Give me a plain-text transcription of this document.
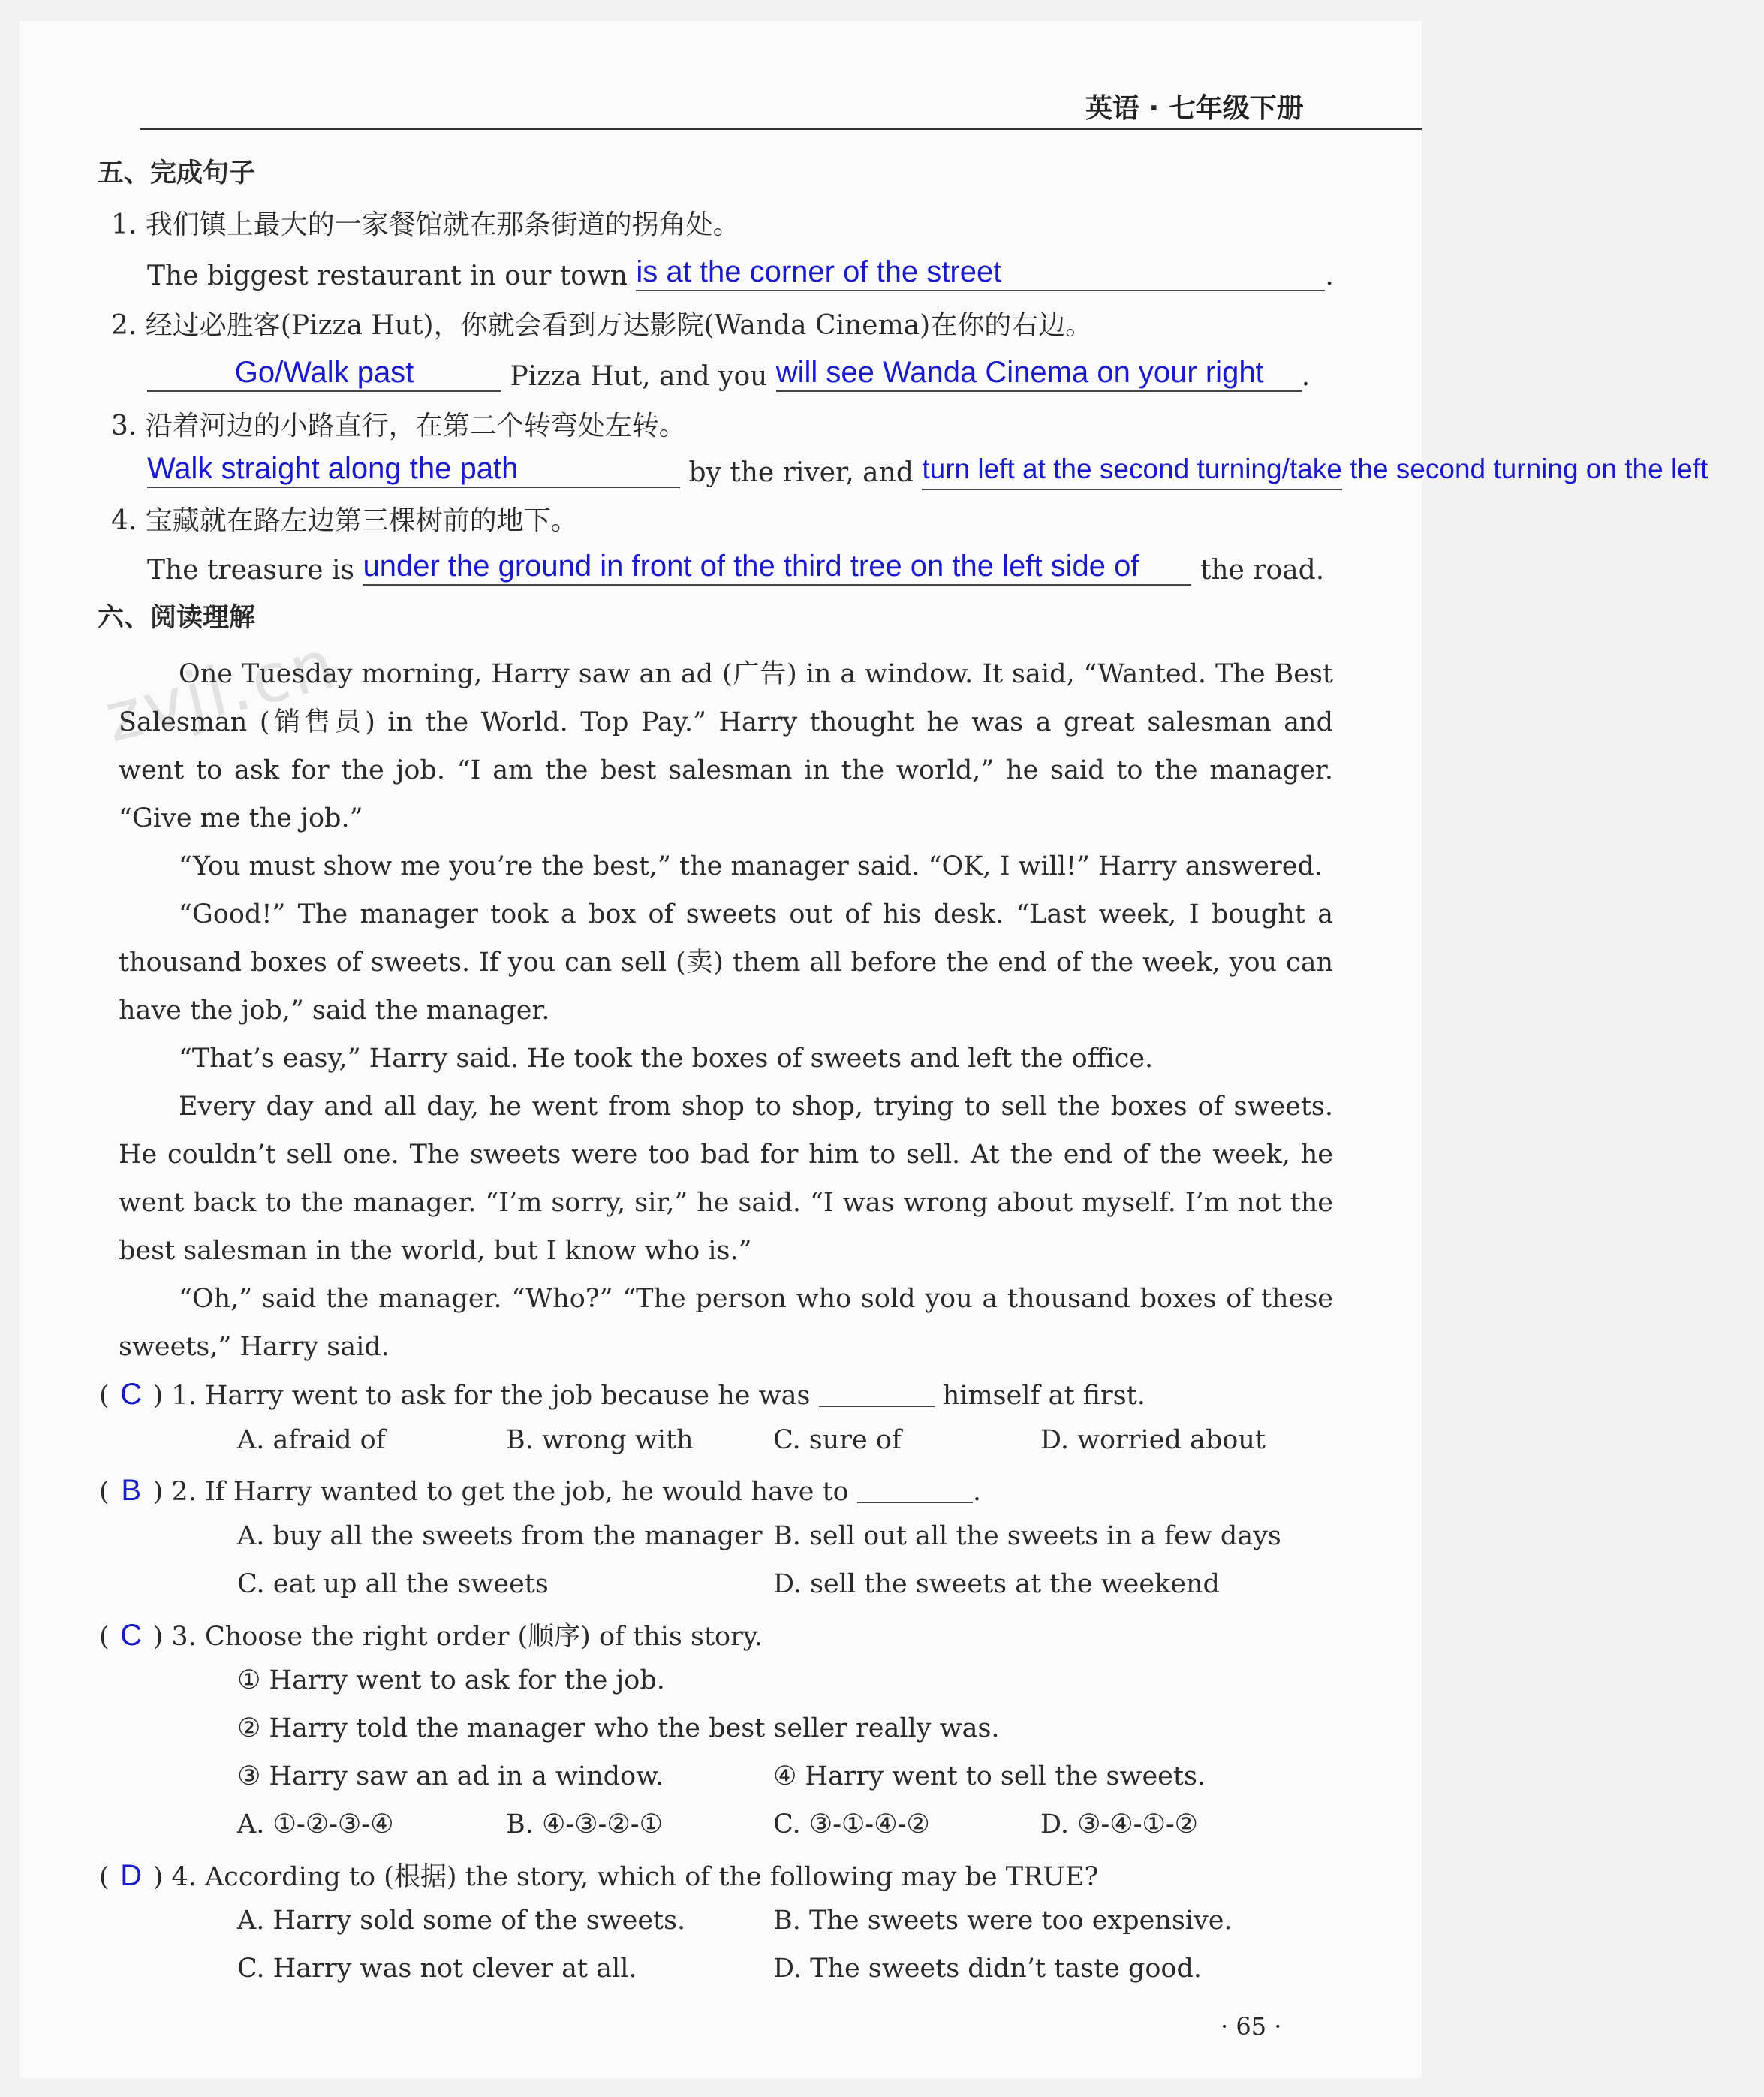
zvjl.cn
英语 · 七年级下册
五、完成句子
1. 我们镇上最大的一家餐馆就在那条街道的拐角处。
The biggest restaurant in our town is at the corner of the street	.
2. 经过必胜客(Pizza Hut)，你就会看到万达影院(Wanda Cinema)在你的右边。
Go/Walk past	Pizza Hut, and you will see Wanda Cinema on your right .
3. 沿着河边的小路直行，在第二个转弯处左转。
Walk straight along the path	by the river, and turn left at the second turning/take the second turning on the left
4. 宝藏就在路左边第三棵树前的地下。
The treasure is under the ground in front of the third tree on the left side of the road.
六、阅读理解

One Tuesday morning, Harry saw an ad (广告) in a window. It said, “Wanted. The Best Salesman (销售员) in the World. Top Pay.” Harry thought he was a great salesman and went to ask for the job. “I am the best salesman in the world,” he said to the manager. “Give me the job.”

“You must show me you’re the best,” the manager said. “OK, I will!” Harry answered.

“Good!” The manager took a box of sweets out of his desk. “Last week, I bought a thousand boxes of sweets. If you can sell (卖) them all before the end of the week, you can have the job,” said the manager.

“That’s easy,” Harry said. He took the boxes of sweets and left the office.

Every day and all day, he went from shop to shop, trying to sell the boxes of sweets. He couldn’t sell one. The sweets were too bad for him to sell. At the end of the week, he went back to the manager. “I’m sorry, sir,” he said. “I was wrong about myself. I’m not the best salesman in the world, but I know who is.”

“Oh,” said the manager. “Who?” “The person who sold you a thousand boxes of these sweets,” Harry said.

( C ) 1. Harry went to ask for the job because he was	himself at first.
A. afraid of	B. wrong with	C. sure of	D. worried about
( B ) 2. If Harry wanted to get the job, he would have to	.
A. buy all the sweets from the manager B. sell out all the sweets in a few days
C. eat up all the sweets	D. sell the sweets at the weekend
( C ) 3. Choose the right order (顺序) of this story.
① Harry went to ask for the job.
② Harry told the manager who the best seller really was.
③ Harry saw an ad in a window.	④ Harry went to sell the sweets.
A. ①-②-③-④	B. ④-③-②-①	C. ③-①-④-②	D. ③-④-①-②
( D ) 4. According to (根据) the story, which of the following may be TRUE?
A. Harry sold some of the sweets.	B. The sweets were too expensive.
C. Harry was not clever at all.	D. The sweets didn’t taste good.
· 65 ·
